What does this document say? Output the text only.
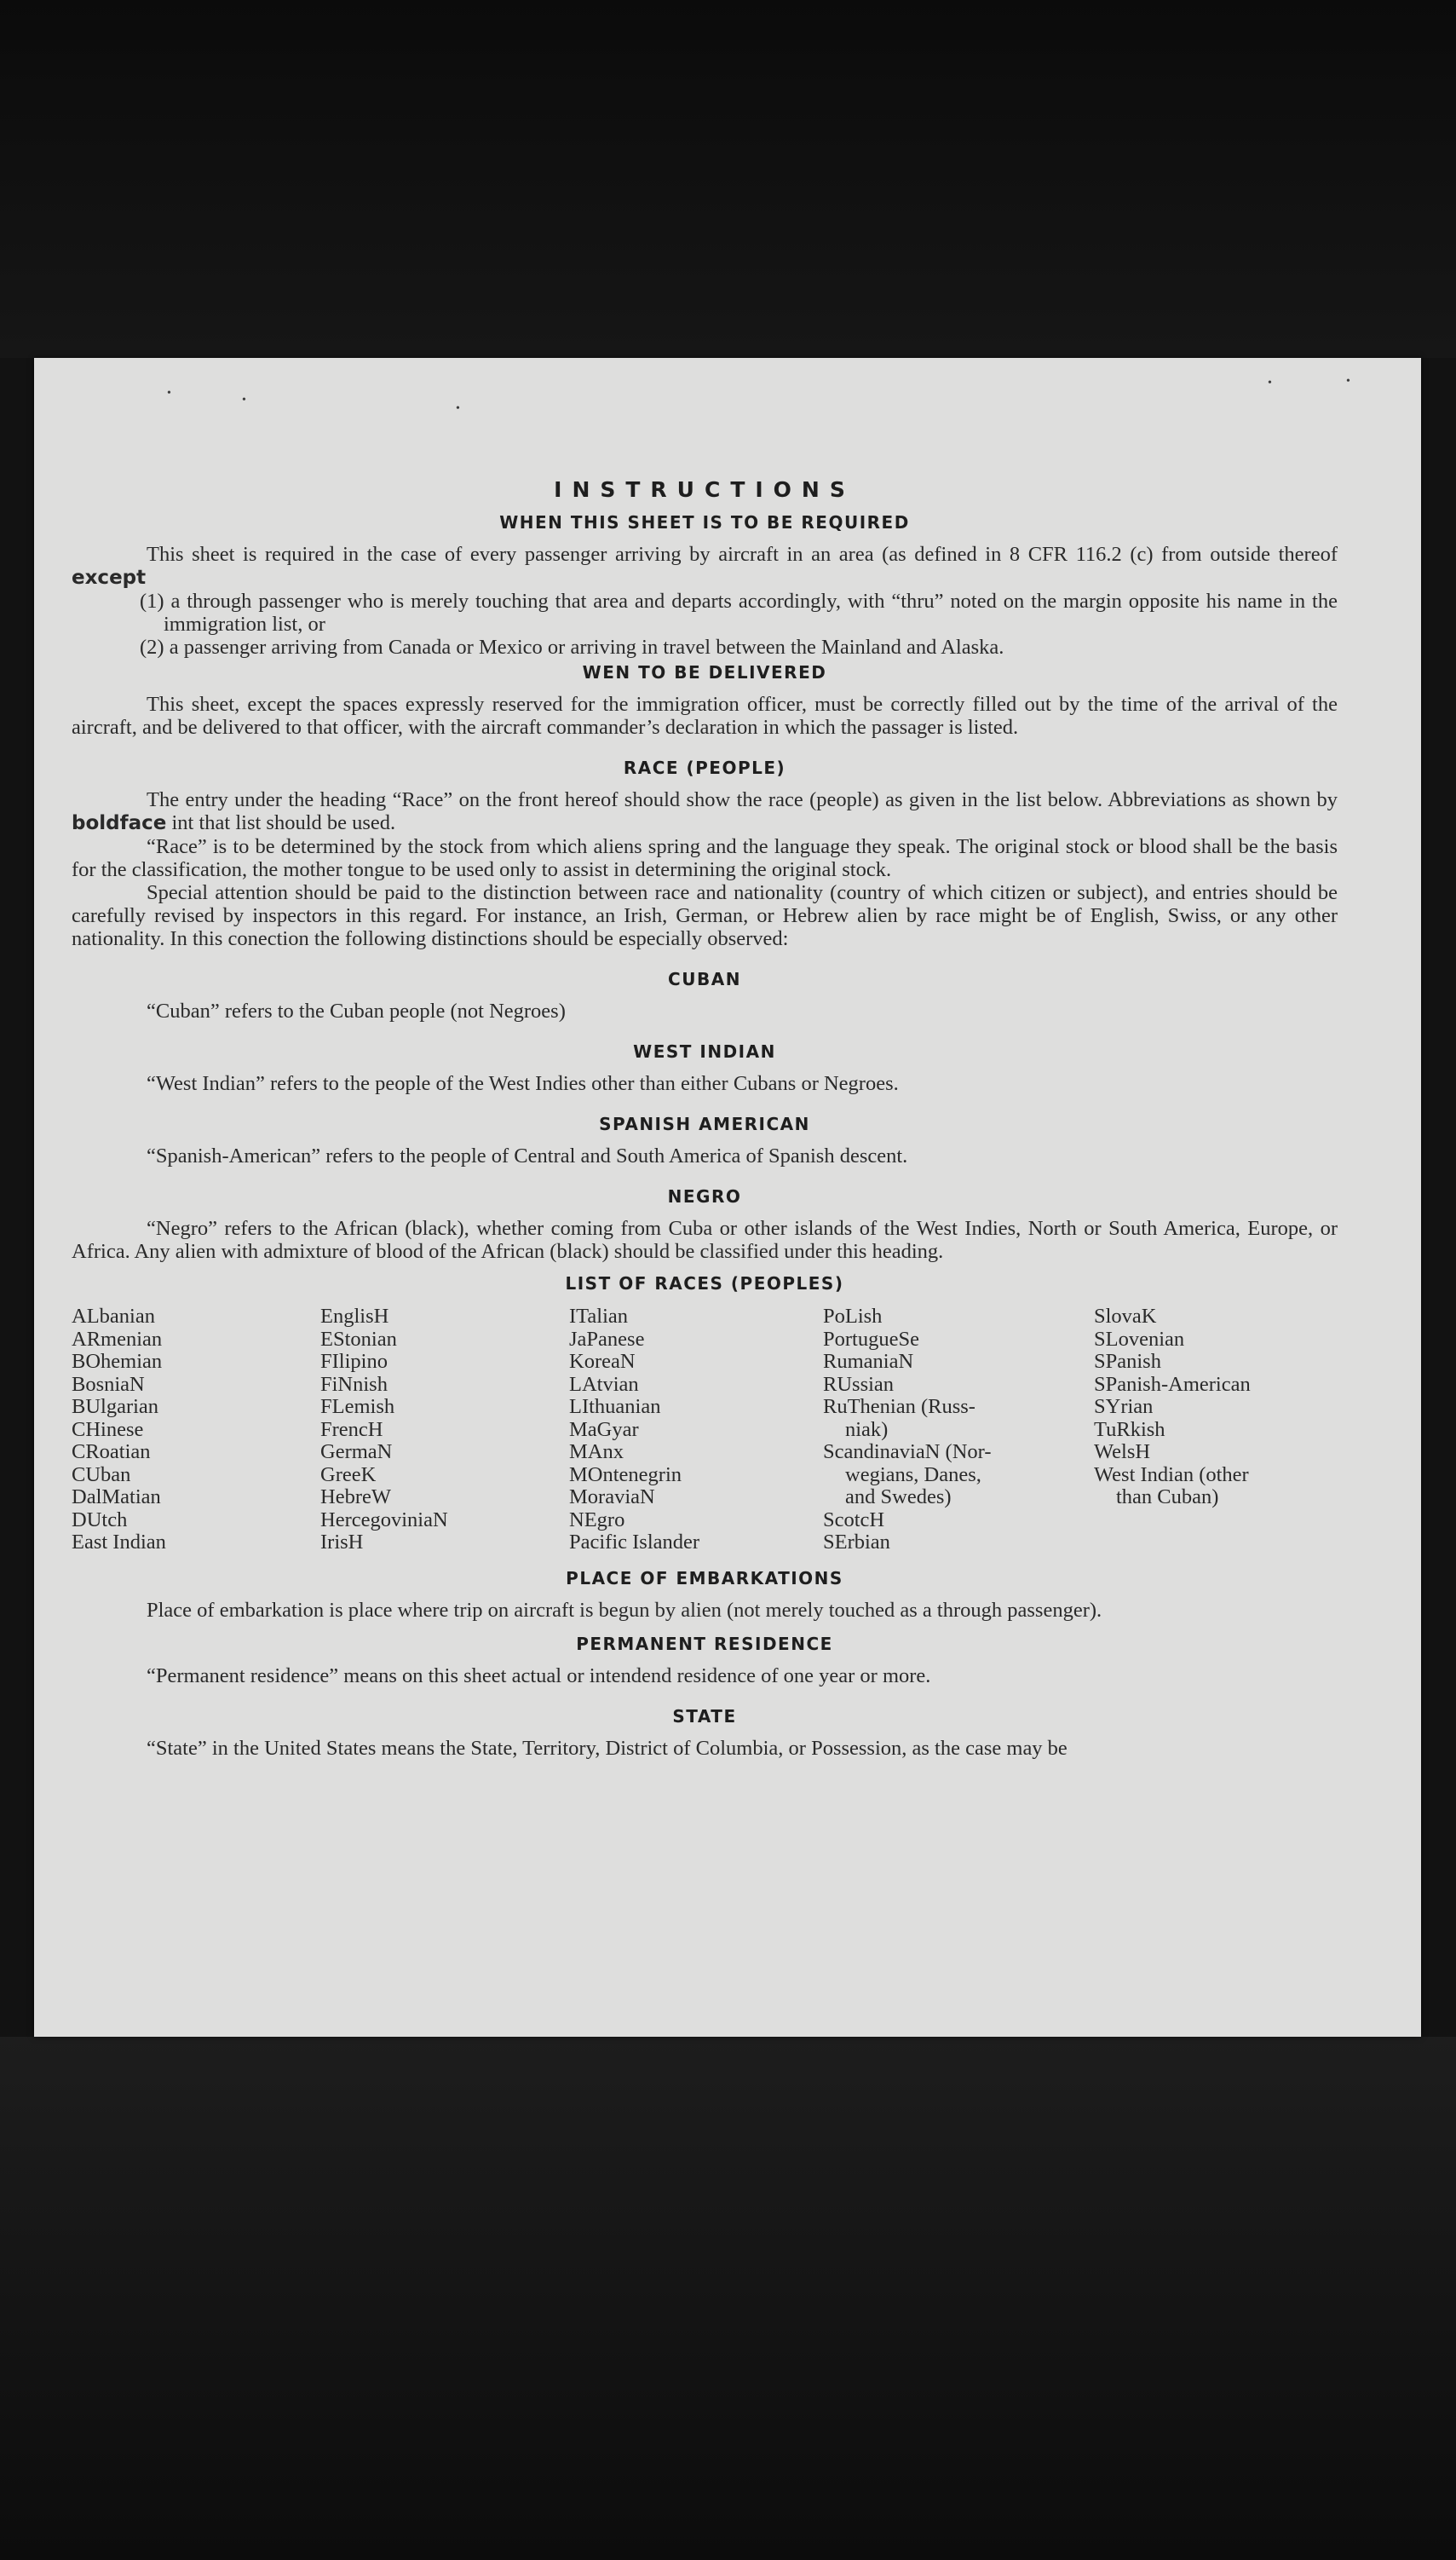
•
•
•
•	•
INSTRUCTIONS
WHEN THIS SHEET IS TO BE REQUIRED

This sheet is required in the case of every passenger arriving by aircraft in an area (as defined in 8 CFR 116.2 (c) from outside thereof except

(1) a through passenger who is merely touching that area and departs accordingly, with “thru” noted on the margin opposite his name in the immigration list, or

(2) a passenger arriving from Canada or Mexico or arriving in travel between the Mainland and Alaska.

WEN TO BE DELIVERED

This sheet, except the spaces expressly reserved for the immigration officer, must be correctly filled out by the time of the arrival of the aircraft, and be delivered to that officer, with the aircraft commander’s declaration in which the passager is listed.

RACE (PEOPLE)

The entry under the heading “Race” on the front hereof should show the race (people) as given in the list below. Abbreviations as shown by boldface int that list should be used.

“Race” is to be determined by the stock from which aliens spring and the language they speak. The original stock or blood shall be the basis for the classification, the mother tongue to be used only to assist in determining the original stock.

Special attention should be paid to the distinction between race and nationality (country of which citizen or subject), and entries should be carefully revised by inspectors in this regard. For instance, an Irish, German, or Hebrew alien by race might be of English, Swiss, or any other nationality. In this conection the following distinctions should be especially observed:

CUBAN

“Cuban” refers to the Cuban people (not Negroes)

WEST INDIAN

“West Indian” refers to the people of the West Indies other than either Cubans or Negroes.

SPANISH AMERICAN

“Spanish-American” refers to the people of Central and South America of Spanish descent.

NEGRO

“Negro” refers to the African (black), whether coming from Cuba or other islands of the West Indies, North or South America, Europe, or Africa. Any alien with admixture of blood of the African (black) should be classified under this heading.

LIST OF RACES (PEOPLES)
ALbanian
ARmenian
BOhemian
BosniaN
BUlgarian
CHinese
CRoatian
CUban
DalMatian
DUtch
East Indian
EnglisH
EStonian
FIlipino
FiNnish
FLemish
FrencH
GermaN
GreeK
HebreW
HercegoviniaN
IrisH
ITalian
JaPanese
KoreaN
LAtvian
LIthuanian
MaGyar
MAnx
MOntenegrin
MoraviaN
NEgro
Pacific Islander
PoLish
PortugueSe
RumaniaN
RUssian
RuThenian (Russ-
niak)
ScandinaviaN (Nor-
wegians, Danes,
and Swedes)
ScotcH
SErbian
SlovaK
SLovenian
SPanish
SPanish-American
SYrian
TuRkish
WelsH
West Indian (other
than Cuban)
PLACE OF EMBARKATIONS

Place of embarkation is place where trip on aircraft is begun by alien (not merely touched as a through passenger).

PERMANENT RESIDENCE

“Permanent residence” means on this sheet actual or intendend residence of one year or more.

STATE

“State” in the United States means the State, Territory, District of Columbia, or Possession, as the case may be
